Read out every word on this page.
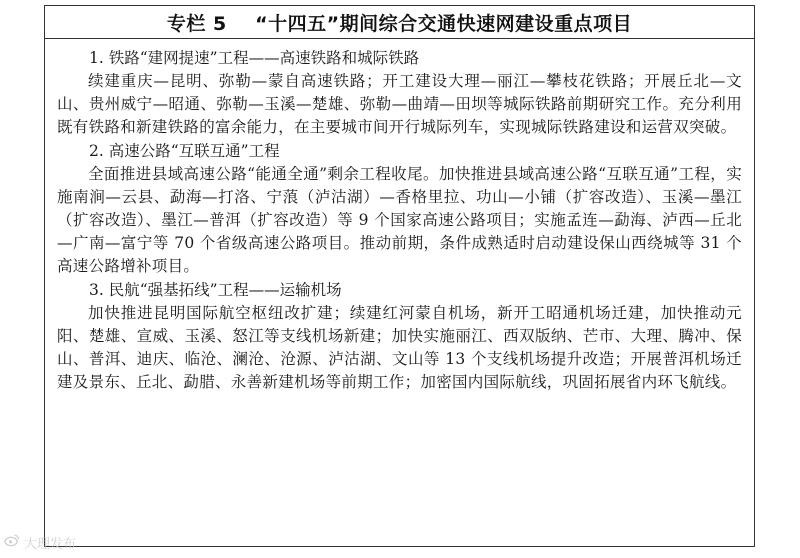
专栏 5    “十四五”期间综合交通快速网建设重点项目
1. 铁路“建网提速”工程——高速铁路和城际铁路
续建重庆—昆明、弥勒—蒙自高速铁路；开工建设大理—丽江—攀枝花铁路；开展丘北—文山、贵州威宁—昭通、弥勒—玉溪—楚雄、弥勒—曲靖—田坝等城际铁路前期研究工作。充分利用既有铁路和新建铁路的富余能力，在主要城市间开行城际列车，实现城际铁路建设和运营双突破。
2. 高速公路“互联互通”工程
全面推进县域高速公路“能通全通”剩余工程收尾。加快推进县域高速公路“互联互通”工程，实施南涧—云县、勐海—打洛、宁蒗（泸沽湖）—香格里拉、功山—小铺（扩容改造）、玉溪—墨江（扩容改造）、墨江—普洱（扩容改造）等 9 个国家高速公路项目；实施孟连—勐海、泸西—丘北—广南—富宁等 70 个省级高速公路项目。推动前期，条件成熟适时启动建设保山西绕城等 31 个高速公路增补项目。
3. 民航“强基拓线”工程——运输机场
加快推进昆明国际航空枢纽改扩建；续建红河蒙自机场，新开工昭通机场迁建，加快推动元阳、楚雄、宣威、玉溪、怒江等支线机场新建；加快实施丽江、西双版纳、芒市、大理、腾冲、保山、普洱、迪庆、临沧、澜沧、沧源、泸沽湖、文山等 13 个支线机场提升改造；开展普洱机场迁建及景东、丘北、勐腊、永善新建机场等前期工作；加密国内国际航线，巩固拓展省内环飞航线。
大理发布
